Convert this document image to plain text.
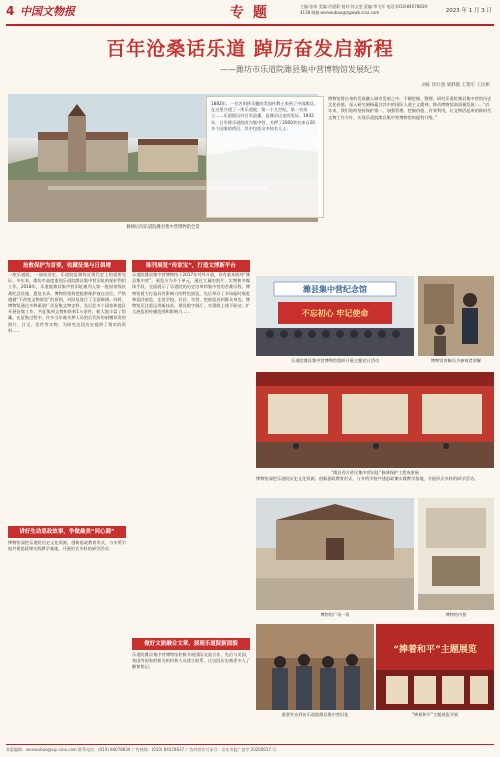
4 中国文物报	专 题	主编:张伟 美编:肖建莉 校对:何文雯 责编:李飞军 电话:(010)84078839-4136 邮箱:wenwubao@zgwwb.sina.com	2023 年 1 月 3 日
百年沧桑话乐道 踔厉奋发启新程
——潍坊市乐道院潍县集中营博物馆发展纪实
刘栋 崔红燕 梁静璇 王翔军 王培彬
1882年，一位名叫狄乐播的美国传教士来到了中国潍县，在这里兴建了一所乐道院，第一个九世纪，第一名弟子……乐道院历经百年沧桑，是潍县历史的见证。1942年，日军将乐道院改为集中营，关押了2000余名来自20多个国家的侨民，其中包括众多知名人士。
修缮后的乐道院潍县集中营博物馆全景
博物馆将自身的发展融入城市发展之中，不断挖掘、整理、研究乐道院潍县集中营的历史文化价值，深入研究阐释蕴含其中的国际人道主义精神，推动博物馆高质量发展……“近年来，我们始终坚持保护第一、加强管理、挖掘价值、有效利用，让文物活起来的新时代文物工作方针，实现乐道院潍县集中营博物馆的提档升级。”
抢救保护为首要，收藏征集与日俱增	陈列展览“传家宝”，打造文博新平台
讲好生动思政故事，争做最美“同心圆”
做好文旅融合文章，展现乐道院新面貌
一座乐道院，一部血泪史。乐道院是潍坊近现代史上的重要见证。多年来，潍坊市高度重视乐道院潍县集中营旧址的保护利用工作。2018年，乐道院潍县集中营旧址被列入第一批国家级抗战纪念设施、遗址名录。博物馆坚持把抢救保护放在首位，严格遵循“不改变文物原状”的原则，对旧址进行了全面修缮。同时，博物馆通过多种渠道广泛征集文物史料，先后赴多个国家和地区开展征集工作，共征集到文物和资料1万余件，极大地丰富了馆藏。在征集过程中，许多当年被关押人员的后代纷纷捐赠珍贵的照片、日记、信件等实物，为研究这段历史提供了翔实的资料……
博物馆深挖乐道院历史文化资源，创新思政教育形式，与多所学校共建思政课实践教学基地，开展形式多样的研学活动。
乐道院潍县集中营博物馆于2017年对外开放，设有基本陈列“潍县集中营”，展览分为多个单元，通过大量的图片、实物和多媒体手段，全面展示了乐道院的历史沿革和集中营的苦难历程。博物馆着力打造具有影响力的特色展览，先后举办了多场临时展览和巡回展览，走进学校、社区、军营，把展览送到群众身边。博物馆还注重运用新技术，建设数字展厅，实现线上线下联动，扩大展览的传播范围和影响力……
乐道院潍县集中营博物馆积极开展国际交流合作，先后与美国、英国等国家的相关机构和人员建立联系，让这段历史被更多人了解和铭记。
潍县集中营纪念馆
不忘初心 牢记使命
乐道院潍县集中营博物馆组织开展主题党日活动	博物馆讲解员为参观者讲解
“潍县西方侨民集中营旧址”修缮保护工程成果展
博物馆深挖乐道院历史文化资源，创新思政教育形式，与多所学校共建思政课实践教学基地，开展形式多样的研学活动。
博物馆广场一角	博物馆内景
重要外宾到访乐道院潍县集中营旧址
“捧着和平”主题展览
“捧着和平”主题展览开展
本版编辑：wenwubao@vip.sina.com 联系电话：(010) 84078839 广告热线：(010) 84078837 广告经营许可证号：京东市监广登字 20200017 号
